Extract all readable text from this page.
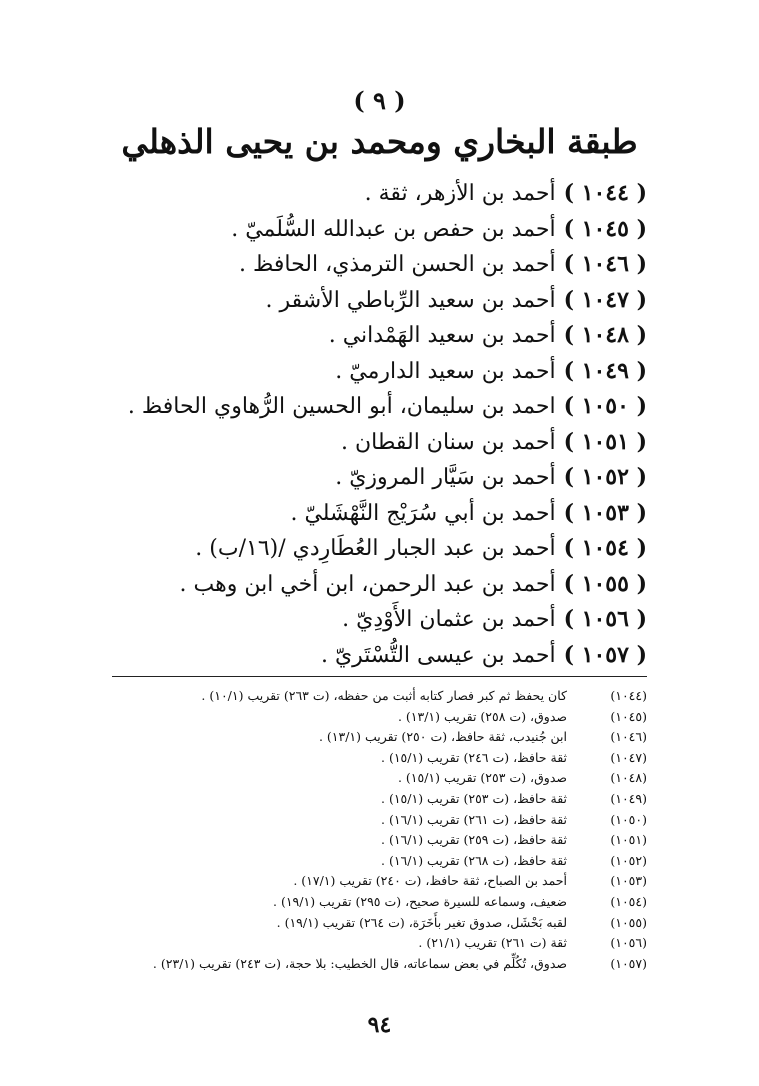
( ٩ )
طبقة البخاري ومحمد بن يحيى الذهلي
( ١٠٤٤ )أحمد بن الأزهر، ثقة .
( ١٠٤٥ )أحمد بن حفص بن عبدالله السُّلَميّ .
( ١٠٤٦ )أحمد بن الحسن الترمذي، الحافظ .
( ١٠٤٧ )أحمد بن سعيد الرِّباطي الأشقر .
( ١٠٤٨ )أحمد بن سعيد الهَمْداني .
( ١٠٤٩ )أحمد بن سعيد الدارميّ .
( ١٠٥٠ )احمد بن سليمان، أبو الحسين الرُّهاوي الحافظ .
( ١٠٥١ )أحمد بن سنان القطان .
( ١٠٥٢ )أحمد بن سَيَّار المروزيّ .
( ١٠٥٣ )أحمد بن أبي سُرَيْج النَّهْشَليّ .
( ١٠٥٤ )أحمد بن عبد الجبار العُطَارِدي /(١٦/ب) .
( ١٠٥٥ )أحمد بن عبد الرحمن، ابن أخي ابن وهب .
( ١٠٥٦ )أحمد بن عثمان الأَوْدِيّ .
( ١٠٥٧ )أحمد بن عيسى التُّسْتَريّ .
(١٠٤٤)كان يحفظ ثم كبر فصار كتابه أثبت من حفظه، (ت ٢٦٣) تقريب (١٠/١) .
(١٠٤٥)صدوق، (ت ٢٥٨) تقريب (١٣/١) .
(١٠٤٦)ابن جُنيدب، ثقة حافظ، (ت ٢٥٠) تقريب (١٣/١) .
(١٠٤٧)ثقة حافظ، (ت ٢٤٦) تقريب (١٥/١) .
(١٠٤٨)صدوق، (ت ٢٥٣) تقريب (١٥/١) .
(١٠٤٩)ثقة حافظ، (ت ٢٥٣) تقريب (١٥/١) .
(١٠٥٠)ثقة حافظ، (ت ٢٦١) تقريب (١٦/١) .
(١٠٥١)ثقة حافظ، (ت ٢٥٩) تقريب (١٦/١) .
(١٠٥٢)ثقة حافظ، (ت ٢٦٨) تقريب (١٦/١) .
(١٠٥٣)أحمد بن الصباح، ثقة حافظ، (ت ٢٤٠) تقريب (١٧/١) .
(١٠٥٤)ضعيف، وسماعه للسيرة صحيح، (ت ٢٩٥) تقريب (١٩/١) .
(١٠٥٥)لقبه بَحْشَل، صدوق تغير بأَخَرَة، (ت ٢٦٤) تقريب (١٩/١) .
(١٠٥٦)ثقة (ت ٢٦١) تقريب (٢١/١) .
(١٠٥٧)صدوق، تُكُلِّم في بعض سماعاته، قال الخطيب: بلا حجة، (ت ٢٤٣) تقريب (٢٣/١) .
٩٤
